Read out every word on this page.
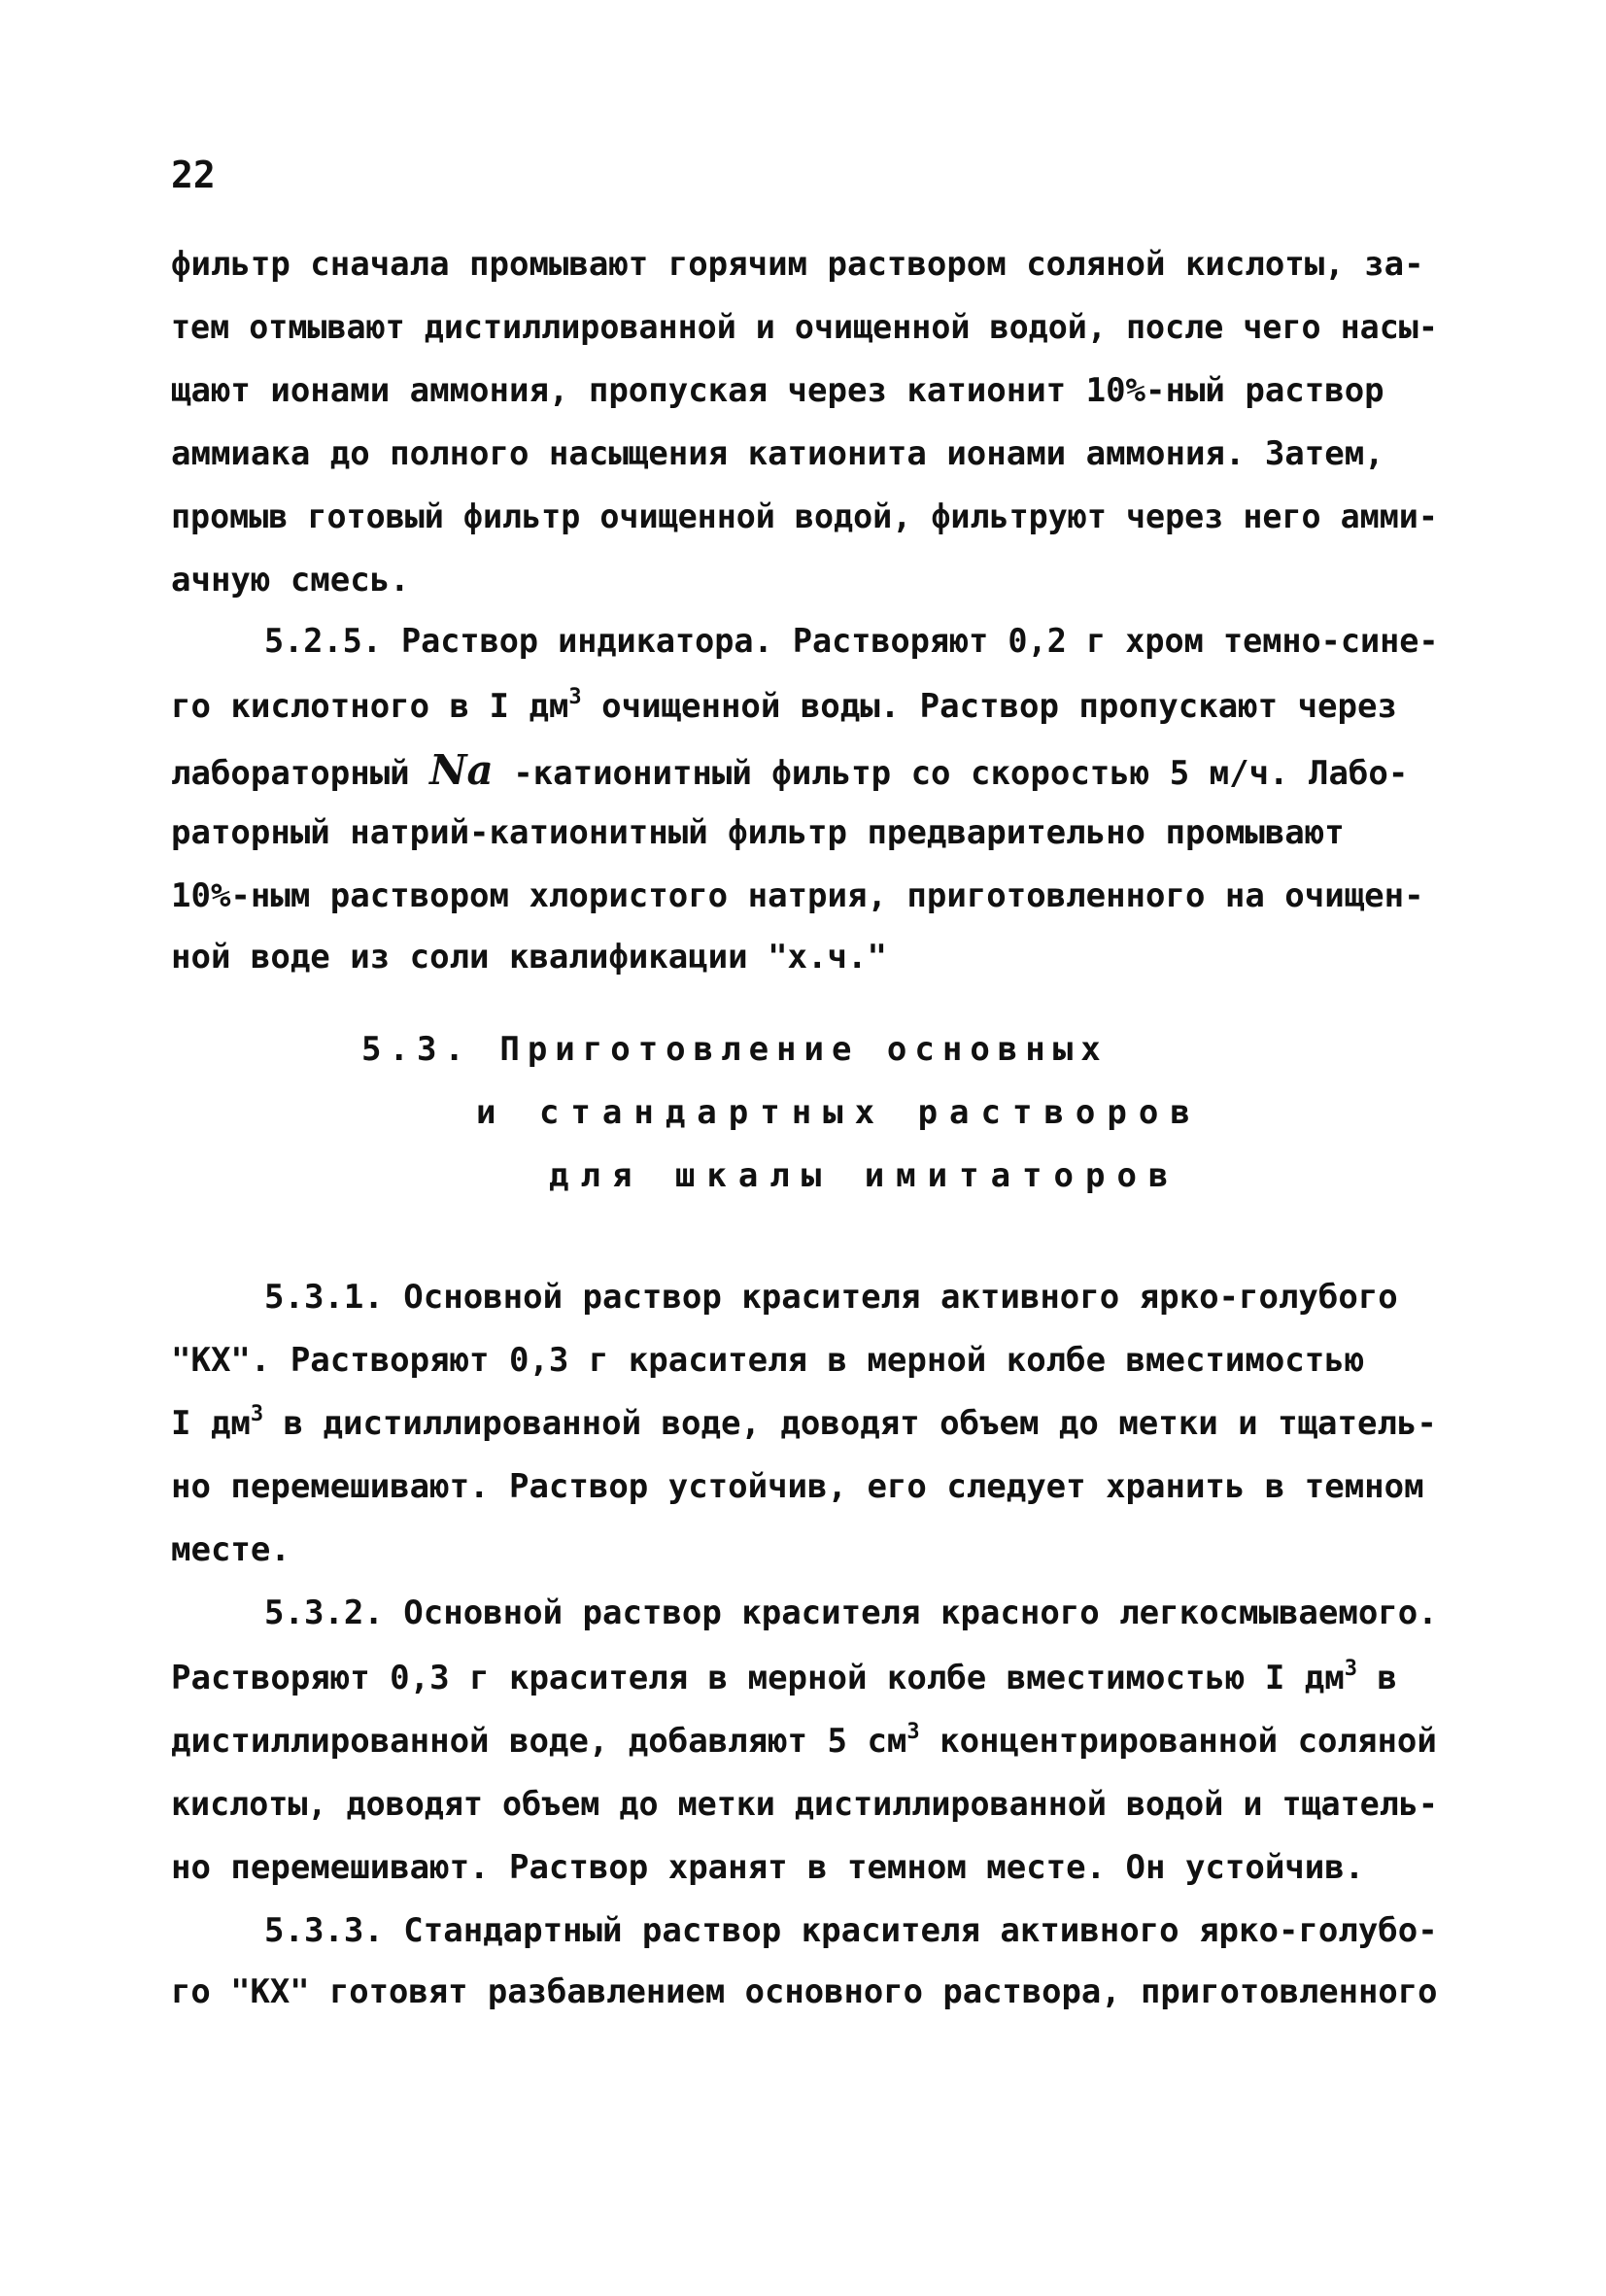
22
фильтр сначала промывают горячим раствором соляной кислоты, за-
тем отмывают дистиллированной и очищенной водой, после чего насы-
щают ионами аммония, пропуская через катионит 10%-ный раствор
аммиака до полного насыщения катионита ионами аммония. Затем,
промыв готовый фильтр очищенной водой, фильтруют через него амми-
ачную смесь.
5.2.5. Раствор индикатора. Растворяют 0,2 г хром темно-сине-
го кислотного в I $дм^3$ очищенной воды. Раствор пропускают через
лабораторный Na -катионитный фильтр со скоростью 5 м/ч. Лабо-
раторный натрий-катионитный фильтр предварительно промывают
10%-ным раствором хлористого натрия, приготовленного на очищен-
ной воде из соли квалификации "х.ч."
5.3. Приготовление основных
и стандартных растворов
для шкалы имитаторов
5.3.1. Основной раствор красителя активного ярко-голубого
"КХ". Растворяют 0,3 г красителя в мерной колбе вместимостью
I $дм^3$ в дистиллированной воде, доводят объем до метки и тщатель-
но перемешивают. Раствор устойчив, его следует хранить в темном
месте.
5.3.2. Основной раствор красителя красного легкосмываемого.
Растворяют 0,3 г красителя в мерной колбе вместимостью I $дм^3$ в
дистиллированной воде, добавляют 5 $см^3$ концентрированной соляной
кислоты, доводят объем до метки дистиллированной водой и тщатель-
но перемешивают. Раствор хранят в темном месте. Он устойчив.
5.3.3. Стандартный раствор красителя активного ярко-голубо-
го "КХ" готовят разбавлением основного раствора, приготовленного
